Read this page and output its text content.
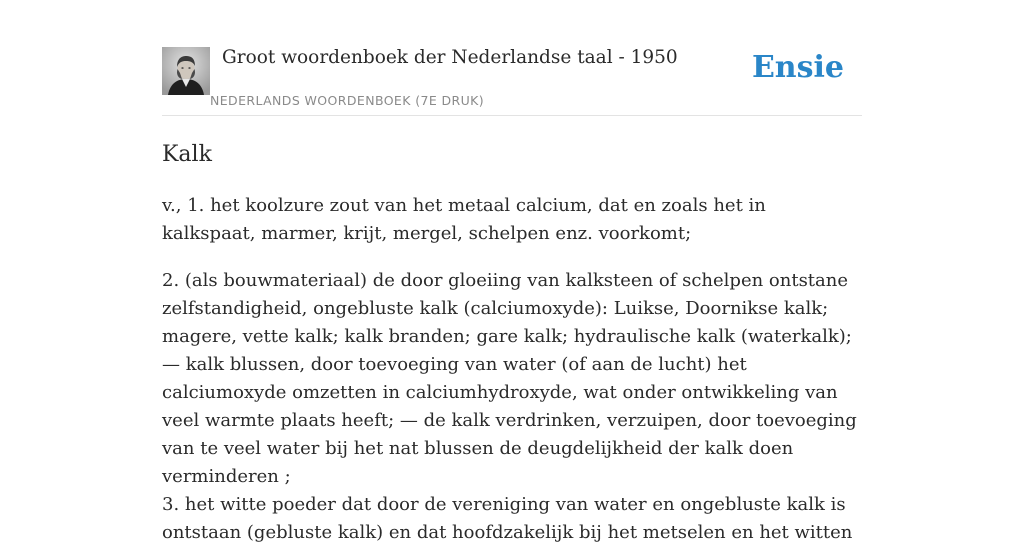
Groot woordenboek der Nederlandse taal - 1950
NEDERLANDS WOORDENBOEK (7E DRUK)
Ensie
Kalk

v., 1. het koolzure zout van het metaal calcium, dat en zoals het in kalkspaat, marmer, krijt, mergel, schelpen enz. voorkomt;

2. (als bouwmateriaal) de door gloeiing van kalksteen of schelpen ontstane zelfstandigheid, ongebluste kalk (calciumoxyde): Luikse, Doornikse kalk; magere, vette kalk; kalk branden; gare kalk; hydraulische kalk (waterkalk); — kalk blussen, door toevoeging van water (of aan de lucht) het calciumoxyde omzetten in calciumhydroxyde, wat onder ontwikkeling van veel warmte plaats heeft; — de kalk verdrinken, verzuipen, door toevoeging van te veel water bij het nat blussen de deugdelijkheid der kalk doen verminderen ;

3. het witte poeder dat door de vereniging van water en ongebluste kalk is ontstaan (gebluste kalk) en dat hoofdzakelijk bij het metselen en het witten
